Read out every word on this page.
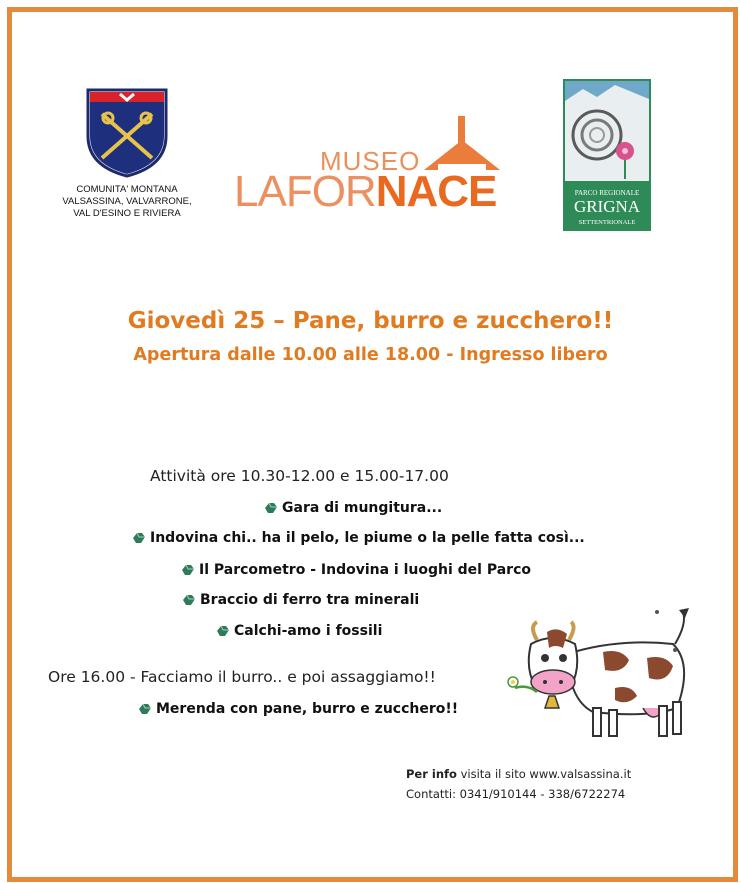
COMUNITA' MONTANA
VALSASSINA, VALVARRONE,
VAL D'ESINO E RIVIERA
MUSEO
LAFORNACE	PARCO REGIONALE
GRIGNA
SETTENTRIONALE
Giovedì 25 – Pane, burro e zucchero!!
Apertura dalle 10.00 alle 18.00 - Ingresso libero
Attività ore 10.30-12.00 e 15.00-17.00
Gara di mungitura...
Indovina chi.. ha il pelo, le piume o la pelle fatta così...
Il Parcometro - Indovina i luoghi del Parco
Braccio di ferro tra minerali
Calchi-amo i fossili
Ore 16.00 - Facciamo il burro.. e poi assaggiamo!!
Merenda con pane, burro e zucchero!!
Per info visita il sito www.valsassina.it
Contatti: 0341/910144 - 338/6722274
